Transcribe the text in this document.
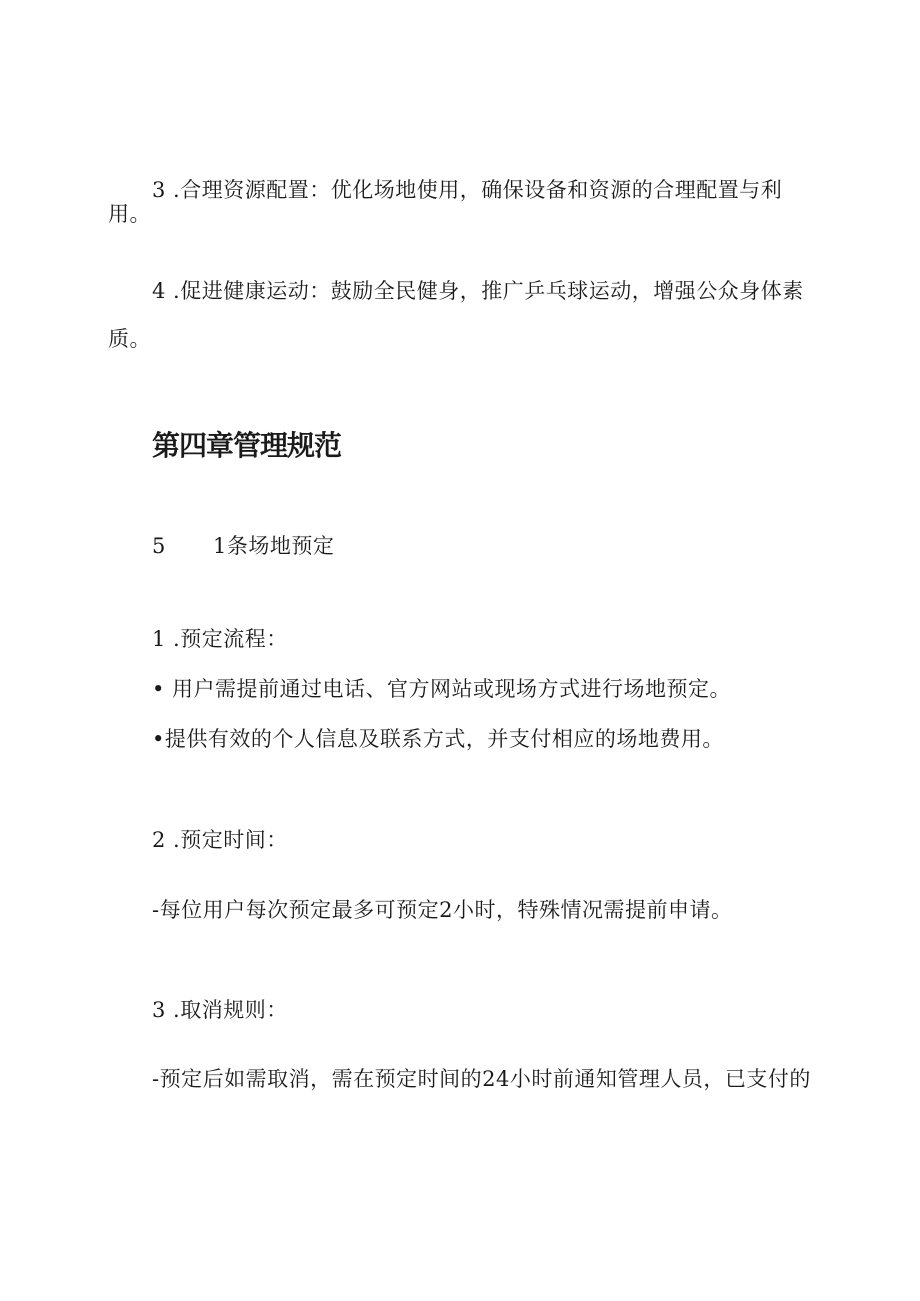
3 .合理资源配置：优化场地使用，确保设备和资源的合理配置与利
用。
4 .促进健康运动：鼓励全民健身，推广乒乓球运动，增强公众身体素
质。
第四章管理规范
5 1条场地预定
1 .预定流程：
• 用户需提前通过电话、官方网站或现场方式进行场地预定。
•提供有效的个人信息及联系方式，并支付相应的场地费用。
2 .预定时间：
-每位用户每次预定最多可预定2小时，特殊情况需提前申请。
3 .取消规则：
-预定后如需取消，需在预定时间的24小时前通知管理人员，已支付的
